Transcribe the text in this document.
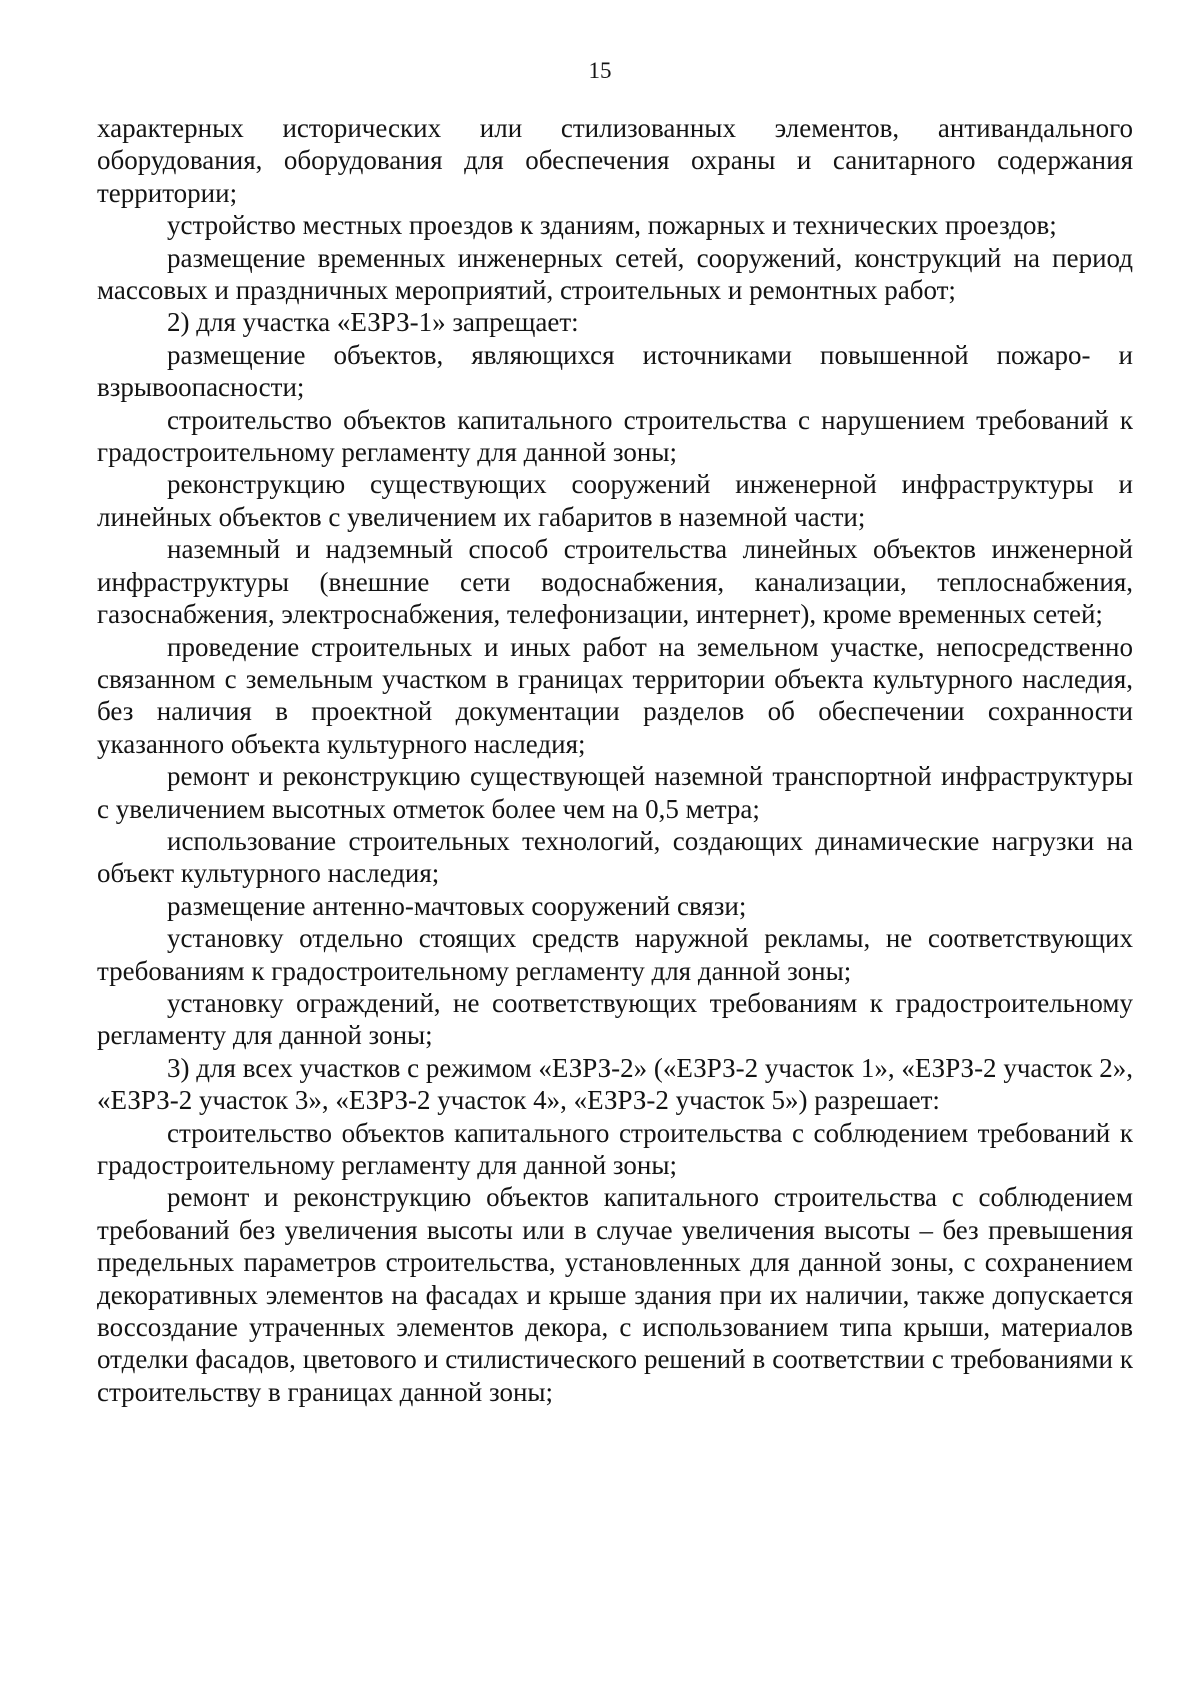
15

характерных исторических или стилизованных элементов, антивандального оборудования, оборудования для обеспечения охраны и санитарного содержания территории;

устройство местных проездов к зданиям, пожарных и технических проездов;

размещение временных инженерных сетей, сооружений, конструкций на период массовых и праздничных мероприятий, строительных и ремонтных работ;

2) для участка «ЕЗРЗ-1» запрещает:

размещение объектов, являющихся источниками повышенной пожаро- и взрывоопасности;

строительство объектов капитального строительства с нарушением требований к градостроительному регламенту для данной зоны;

реконструкцию существующих сооружений инженерной инфраструктуры и линейных объектов с увеличением их габаритов в наземной части;

наземный и надземный способ строительства линейных объектов инженерной инфраструктуры (внешние сети водоснабжения, канализации, теплоснабжения, газоснабжения, электроснабжения, телефонизации, интернет), кроме временных сетей;

проведение строительных и иных работ на земельном участке, непосредственно связанном с земельным участком в границах территории объекта культурного наследия, без наличия в проектной документации разделов об обеспечении сохранности указанного объекта культурного наследия;

ремонт и реконструкцию существующей наземной транспортной инфраструктуры с увеличением высотных отметок более чем на 0,5 метра;

использование строительных технологий, создающих динамические нагрузки на объект культурного наследия;

размещение антенно-мачтовых сооружений связи;

установку отдельно стоящих средств наружной рекламы, не соответствующих требованиям к градостроительному регламенту для данной зоны;

установку ограждений, не соответствующих требованиям к градостроительному регламенту для данной зоны;

3) для всех участков с режимом «ЕЗРЗ-2» («ЕЗРЗ-2 участок 1», «ЕЗРЗ-2 участок 2», «ЕЗРЗ-2 участок 3», «ЕЗРЗ-2 участок 4», «ЕЗРЗ-2 участок 5») разрешает:

строительство объектов капитального строительства с соблюдением требований к градостроительному регламенту для данной зоны;

ремонт и реконструкцию объектов капитального строительства с соблюдением требований без увеличения высоты или в случае увеличения высоты – без превышения предельных параметров строительства, установленных для данной зоны, с сохранением декоративных элементов на фасадах и крыше здания при их наличии, также допускается воссоздание утраченных элементов декора, с использованием типа крыши, материалов отделки фасадов, цветового и стилистического решений в соответствии с требованиями к строительству в границах данной зоны;
